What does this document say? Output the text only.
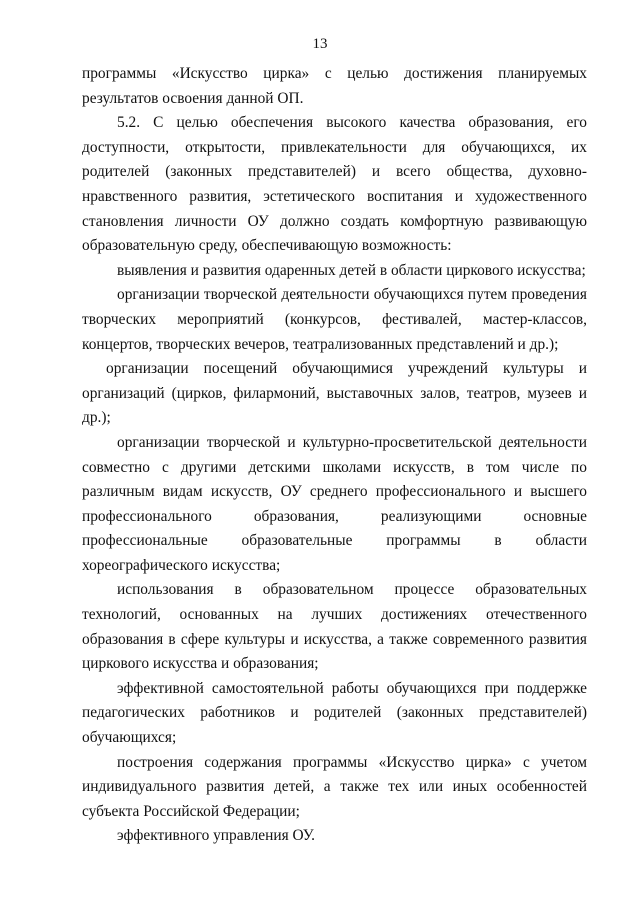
13

программы «Искусство цирка» с целью достижения планируемых результатов освоения данной ОП.

5.2. С целью обеспечения высокого качества образования, его доступности, открытости, привлекательности для обучающихся, их родителей (законных представителей) и всего общества, духовно-нравственного развития, эстетического воспитания и художественного становления личности ОУ должно создать комфортную развивающую образовательную среду, обеспечивающую возможность:

выявления и развития одаренных детей в области циркового искусства;

организации творческой деятельности обучающихся путем проведения творческих мероприятий (конкурсов, фестивалей, мастер-классов, концертов, творческих вечеров, театрализованных представлений и др.);

организации посещений обучающимися учреждений культуры и организаций (цирков, филармоний, выставочных залов, театров, музеев и др.);

организации творческой и культурно-просветительской деятельности совместно с другими детскими школами искусств, в том числе по различным видам искусств, ОУ среднего профессионального и высшего профессионального образования, реализующими основные профессиональные образовательные программы в области хореографического искусства;

использования в образовательном процессе образовательных технологий, основанных на лучших достижениях отечественного образования в сфере культуры и искусства, а также современного развития циркового искусства и образования;

эффективной самостоятельной работы обучающихся при поддержке педагогических работников и родителей (законных представителей) обучающихся;

построения содержания программы «Искусство цирка» с учетом индивидуального развития детей, а также тех или иных особенностей субъекта Российской Федерации;

эффективного управления ОУ.
